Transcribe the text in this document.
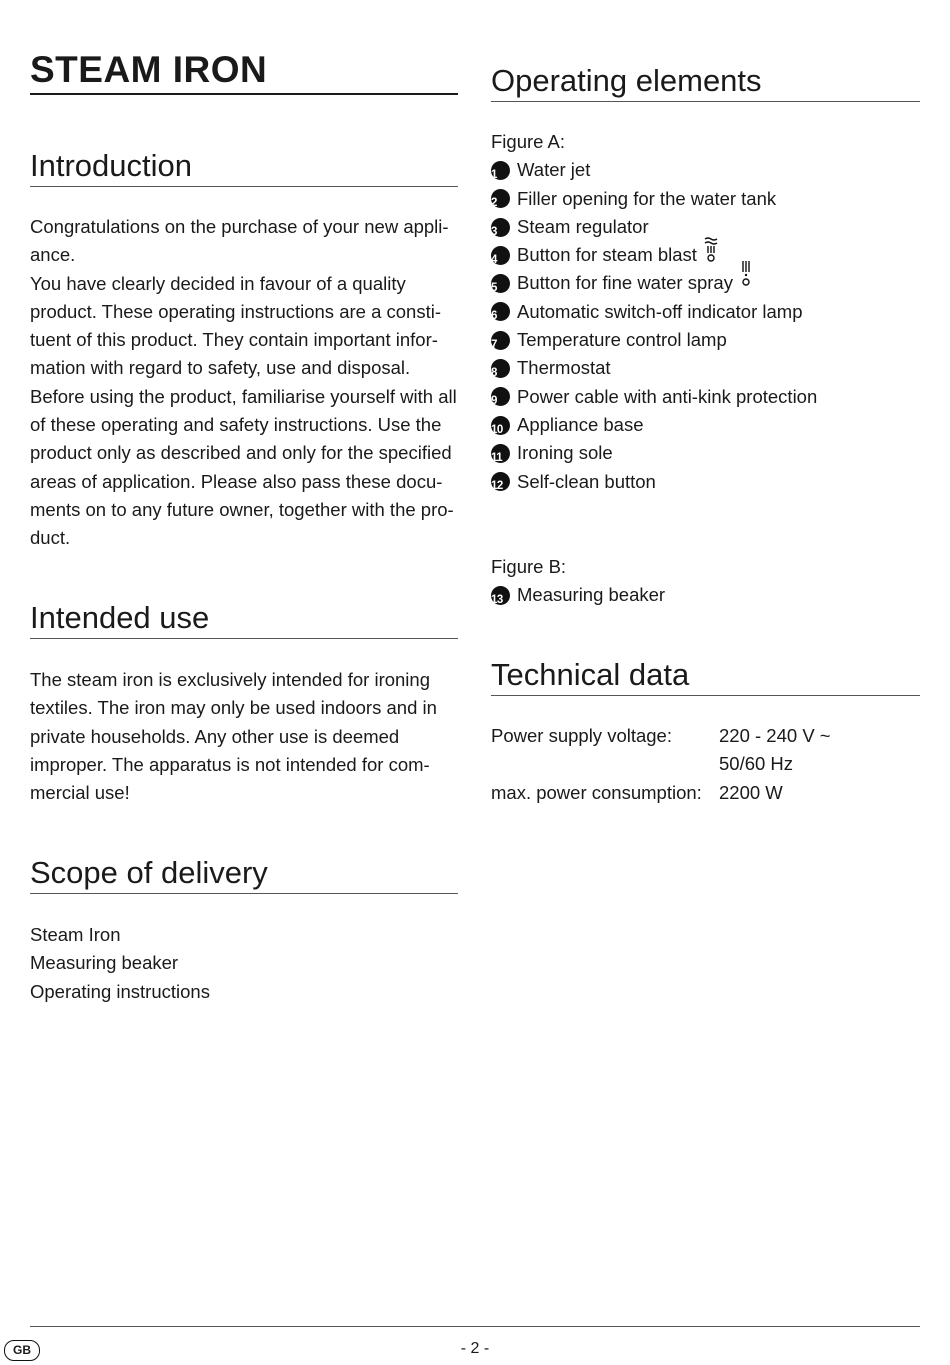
STEAM IRON
Introduction
Congratulations on the purchase of your new appli-
ance.
You have clearly decided in favour of a quality
product. These operating instructions are a consti-
tuent of this product. They contain important infor-
mation with regard to safety, use and disposal.
Before using the product, familiarise yourself with all
of these operating and safety instructions. Use the
product only as described and only for the specified
areas of application. Please also pass these docu-
ments on to any future owner, together with the pro-
duct.
Intended use
The steam iron is exclusively intended for ironing
textiles. The iron may only be used indoors and in
private households. Any other use is deemed
improper. The apparatus is not intended for com-
mercial use!
Scope of delivery
Steam Iron
Measuring beaker
Operating instructions
Operating elements
Figure A:
1	Water jet
2	Filler opening for the water tank
3	Steam regulator
4	Button for steam blast
5	Button for fine water spray
6	Automatic switch-off indicator lamp
7	Temperature control lamp
8	Thermostat
9	Power cable with anti-kink protection
10 Appliance base
11 Ironing sole
12 Self-clean button
Figure B:
13 Measuring beaker
Technical data
Power supply voltage:	220 - 240 V ~
50/60 Hz
max. power consumption: 2200 W
GB	- 2 -
